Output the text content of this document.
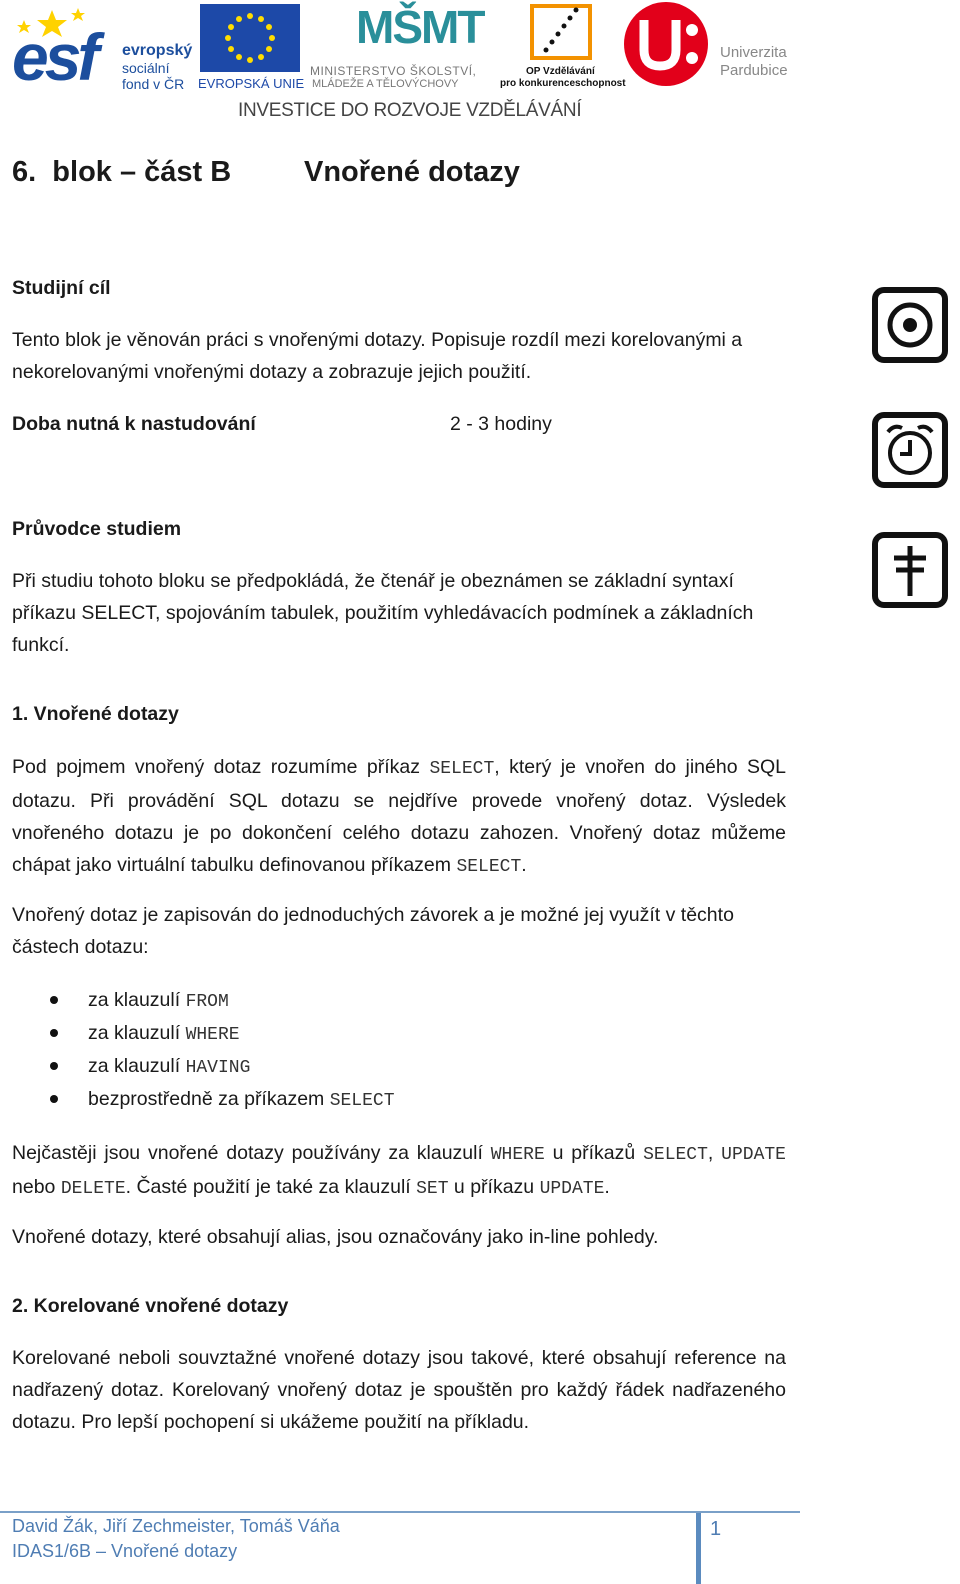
esf evropský
sociální
fond v ČR EVROPSKÁ UNIE
MŠMT
MINISTERSTVO ŠKOLSTVÍ,
MLÁDEŽE A TĚLOVÝCHOVY
OP Vzdělávání
pro konkurenceschopnost
Univerzita
Pardubice
INVESTICE DO ROZVOJE VZDĚLÁVÁNÍ
6.  blok – část B	Vnořené dotazy
Studijní cíl
Tento blok je věnován práci s vnořenými dotazy. Popisuje rozdíl mezi korelovanými a nekorelovanými vnořenými dotazy a zobrazuje jejich použití.
Doba nutná k nastudování	2 - 3 hodiny
Průvodce studiem
Při studiu tohoto bloku se předpokládá, že čtenář je obeznámen se základní syntaxí příkazu SELECT, spojováním tabulek, použitím vyhledávacích podmínek a základních funkcí.
1. Vnořené dotazy
Pod pojmem vnořený dotaz rozumíme příkaz SELECT, který je vnořen do jiného SQL dotazu. Při provádění SQL dotazu se nejdříve provede vnořený dotaz. Výsledek vnořeného dotazu je po dokončení celého dotazu zahozen. Vnořený dotaz můžeme chápat jako virtuální tabulku definovanou příkazem SELECT.
Vnořený dotaz je zapisován do jednoduchých závorek a je možné jej využít v těchto částech dotazu:
za klauzulí FROM
za klauzulí WHERE
za klauzulí HAVING
bezprostředně za příkazem SELECT
Nejčastěji jsou vnořené dotazy používány za klauzulí WHERE u příkazů SELECT, UPDATE nebo DELETE. Časté použití je také za klauzulí SET u příkazu UPDATE.
Vnořené dotazy, které obsahují alias, jsou označovány jako in-line pohledy.
2. Korelované vnořené dotazy
Korelované neboli souvztažné vnořené dotazy jsou takové, které obsahují reference na nadřazený dotaz. Korelovaný vnořený dotaz je spouštěn pro každý řádek nadřazeného dotazu. Pro lepší pochopení si ukážeme použití na příkladu.
David Žák, Jiří Zechmeister, Tomáš Váňa
IDAS1/6B – Vnořené dotazy
1
